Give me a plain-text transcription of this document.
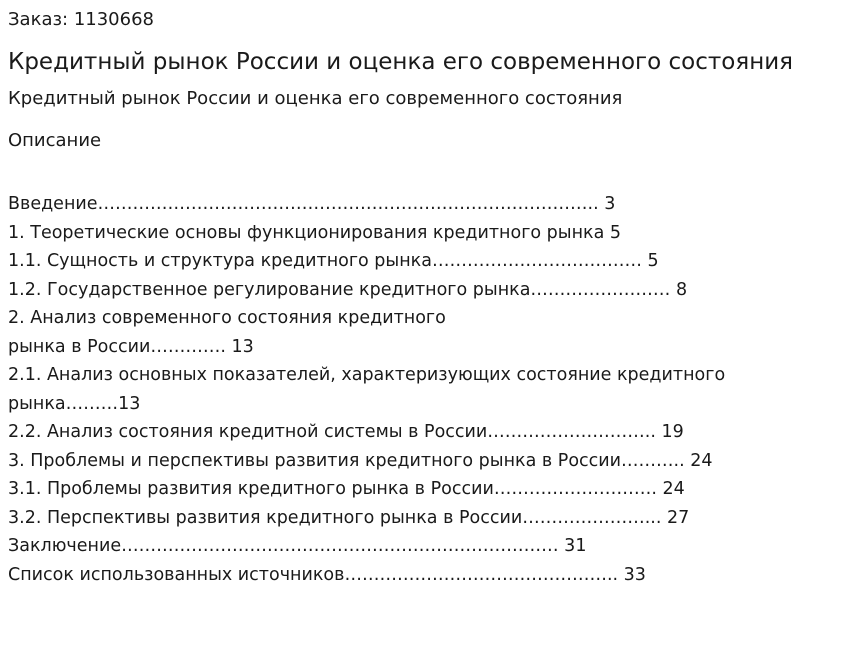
Заказ: 1130668
Кредитный рынок России и оценка его современного состояния
Кредитный рынок России и оценка его современного состояния
Описание
Введение………………………………………………………………………….. 3
1. Теоретические основы функционирования кредитного рынка 5
1.1. Сущность и структура кредитного рынка……………………………… 5
1.2. Государственное регулирование кредитного рынка…………………… 8
2. Анализ современного состояния кредитного
рынка в России…………. 13
2.1. Анализ основных показателей, характеризующих состояние кредитного
рынка………13
2.2. Анализ состояния кредитной системы в России……………………….. 19
3. Проблемы и перспективы развития кредитного рынка в России……….. 24
3.1. Проблемы развития кредитного рынка в России………………………. 24
3.2. Перспективы развития кредитного рынка в России…………………... 27
Заключение………………………………………………………………… 31
Список использованных источников……………………………………….. 33
